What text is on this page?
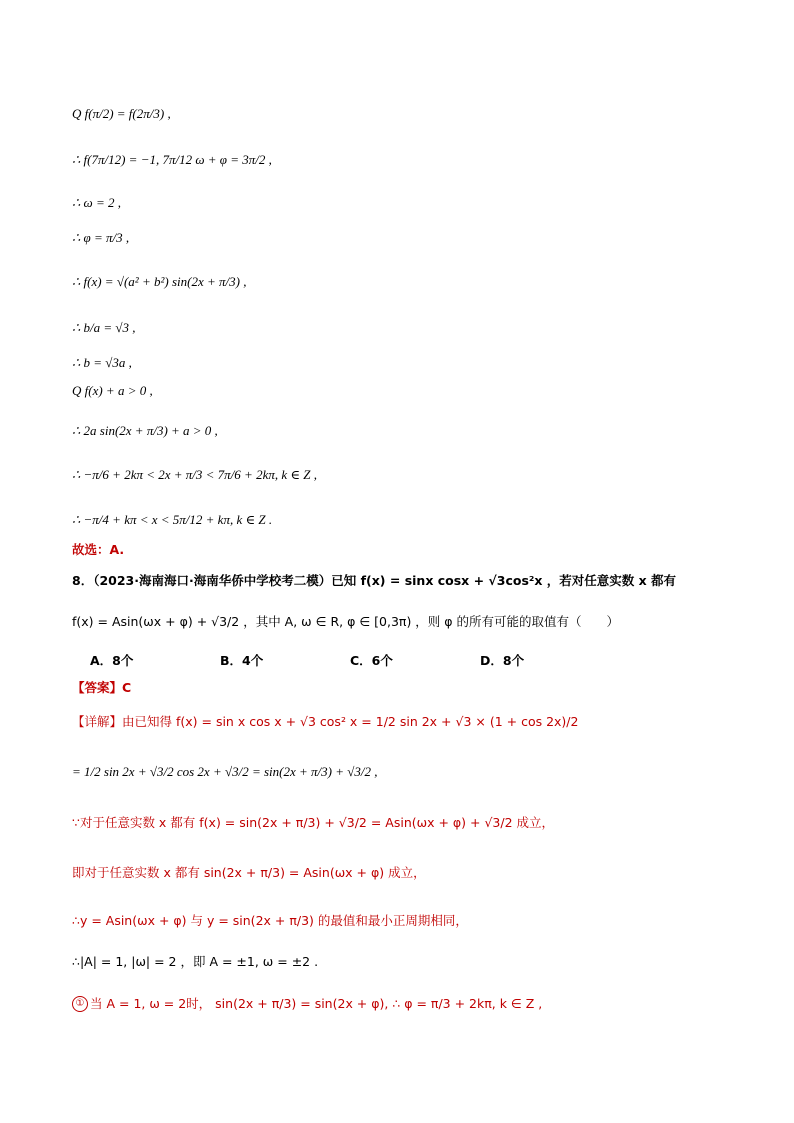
Q f(π/2) = f(2π/3) ,
∴ f(7π/12) = −1, 7π/12 ω + φ = 3π/2 ,
∴ ω = 2 ,
∴ φ = π/3 ,
∴ f(x) = √(a² + b²) sin(2x + π/3) ,
∴ b/a = √3 ,
∴ b = √3a ,
Q f(x) + a > 0 ,
∴ 2a sin(2x + π/3) + a > 0 ,
∴ −π/6 + 2kπ < 2x + π/3 < 7π/6 + 2kπ, k ∈ Z ,
∴ −π/4 + kπ < x < 5π/12 + kπ, k ∈ Z .
故选：A.
8．（2023·海南海口·海南华侨中学校考二模）已知 f(x) = sinx cosx + √3cos²x ，若对任意实数 x 都有
f(x) = Asin(ωx + φ) + √3/2 ，其中 A, ω ∈ R, φ ∈ [0,3π) ，则 φ 的所有可能的取值有（　　）
A．8个	B．4个	C．6个	D．8个
【答案】C
【详解】由已知得 f(x) = sin x cos x + √3 cos² x = 1/2 sin 2x + √3 × (1 + cos 2x)/2
= 1/2 sin 2x + √3/2 cos 2x + √3/2 = sin(2x + π/3) + √3/2 ,
∵对于任意实数 x 都有 f(x) = sin(2x + π/3) + √3/2 = Asin(ωx + φ) + √3/2 成立，
即对于任意实数 x 都有 sin(2x + π/3) = Asin(ωx + φ) 成立，
∴y = Asin(ωx + φ) 与 y = sin(2x + π/3) 的最值和最小正周期相同，
∴|A| = 1, |ω| = 2 ，即 A = ±1, ω = ±2 .
① 当 A = 1, ω = 2时， sin(2x + π/3) = sin(2x + φ), ∴ φ = π/3 + 2kπ, k ∈ Z ,
